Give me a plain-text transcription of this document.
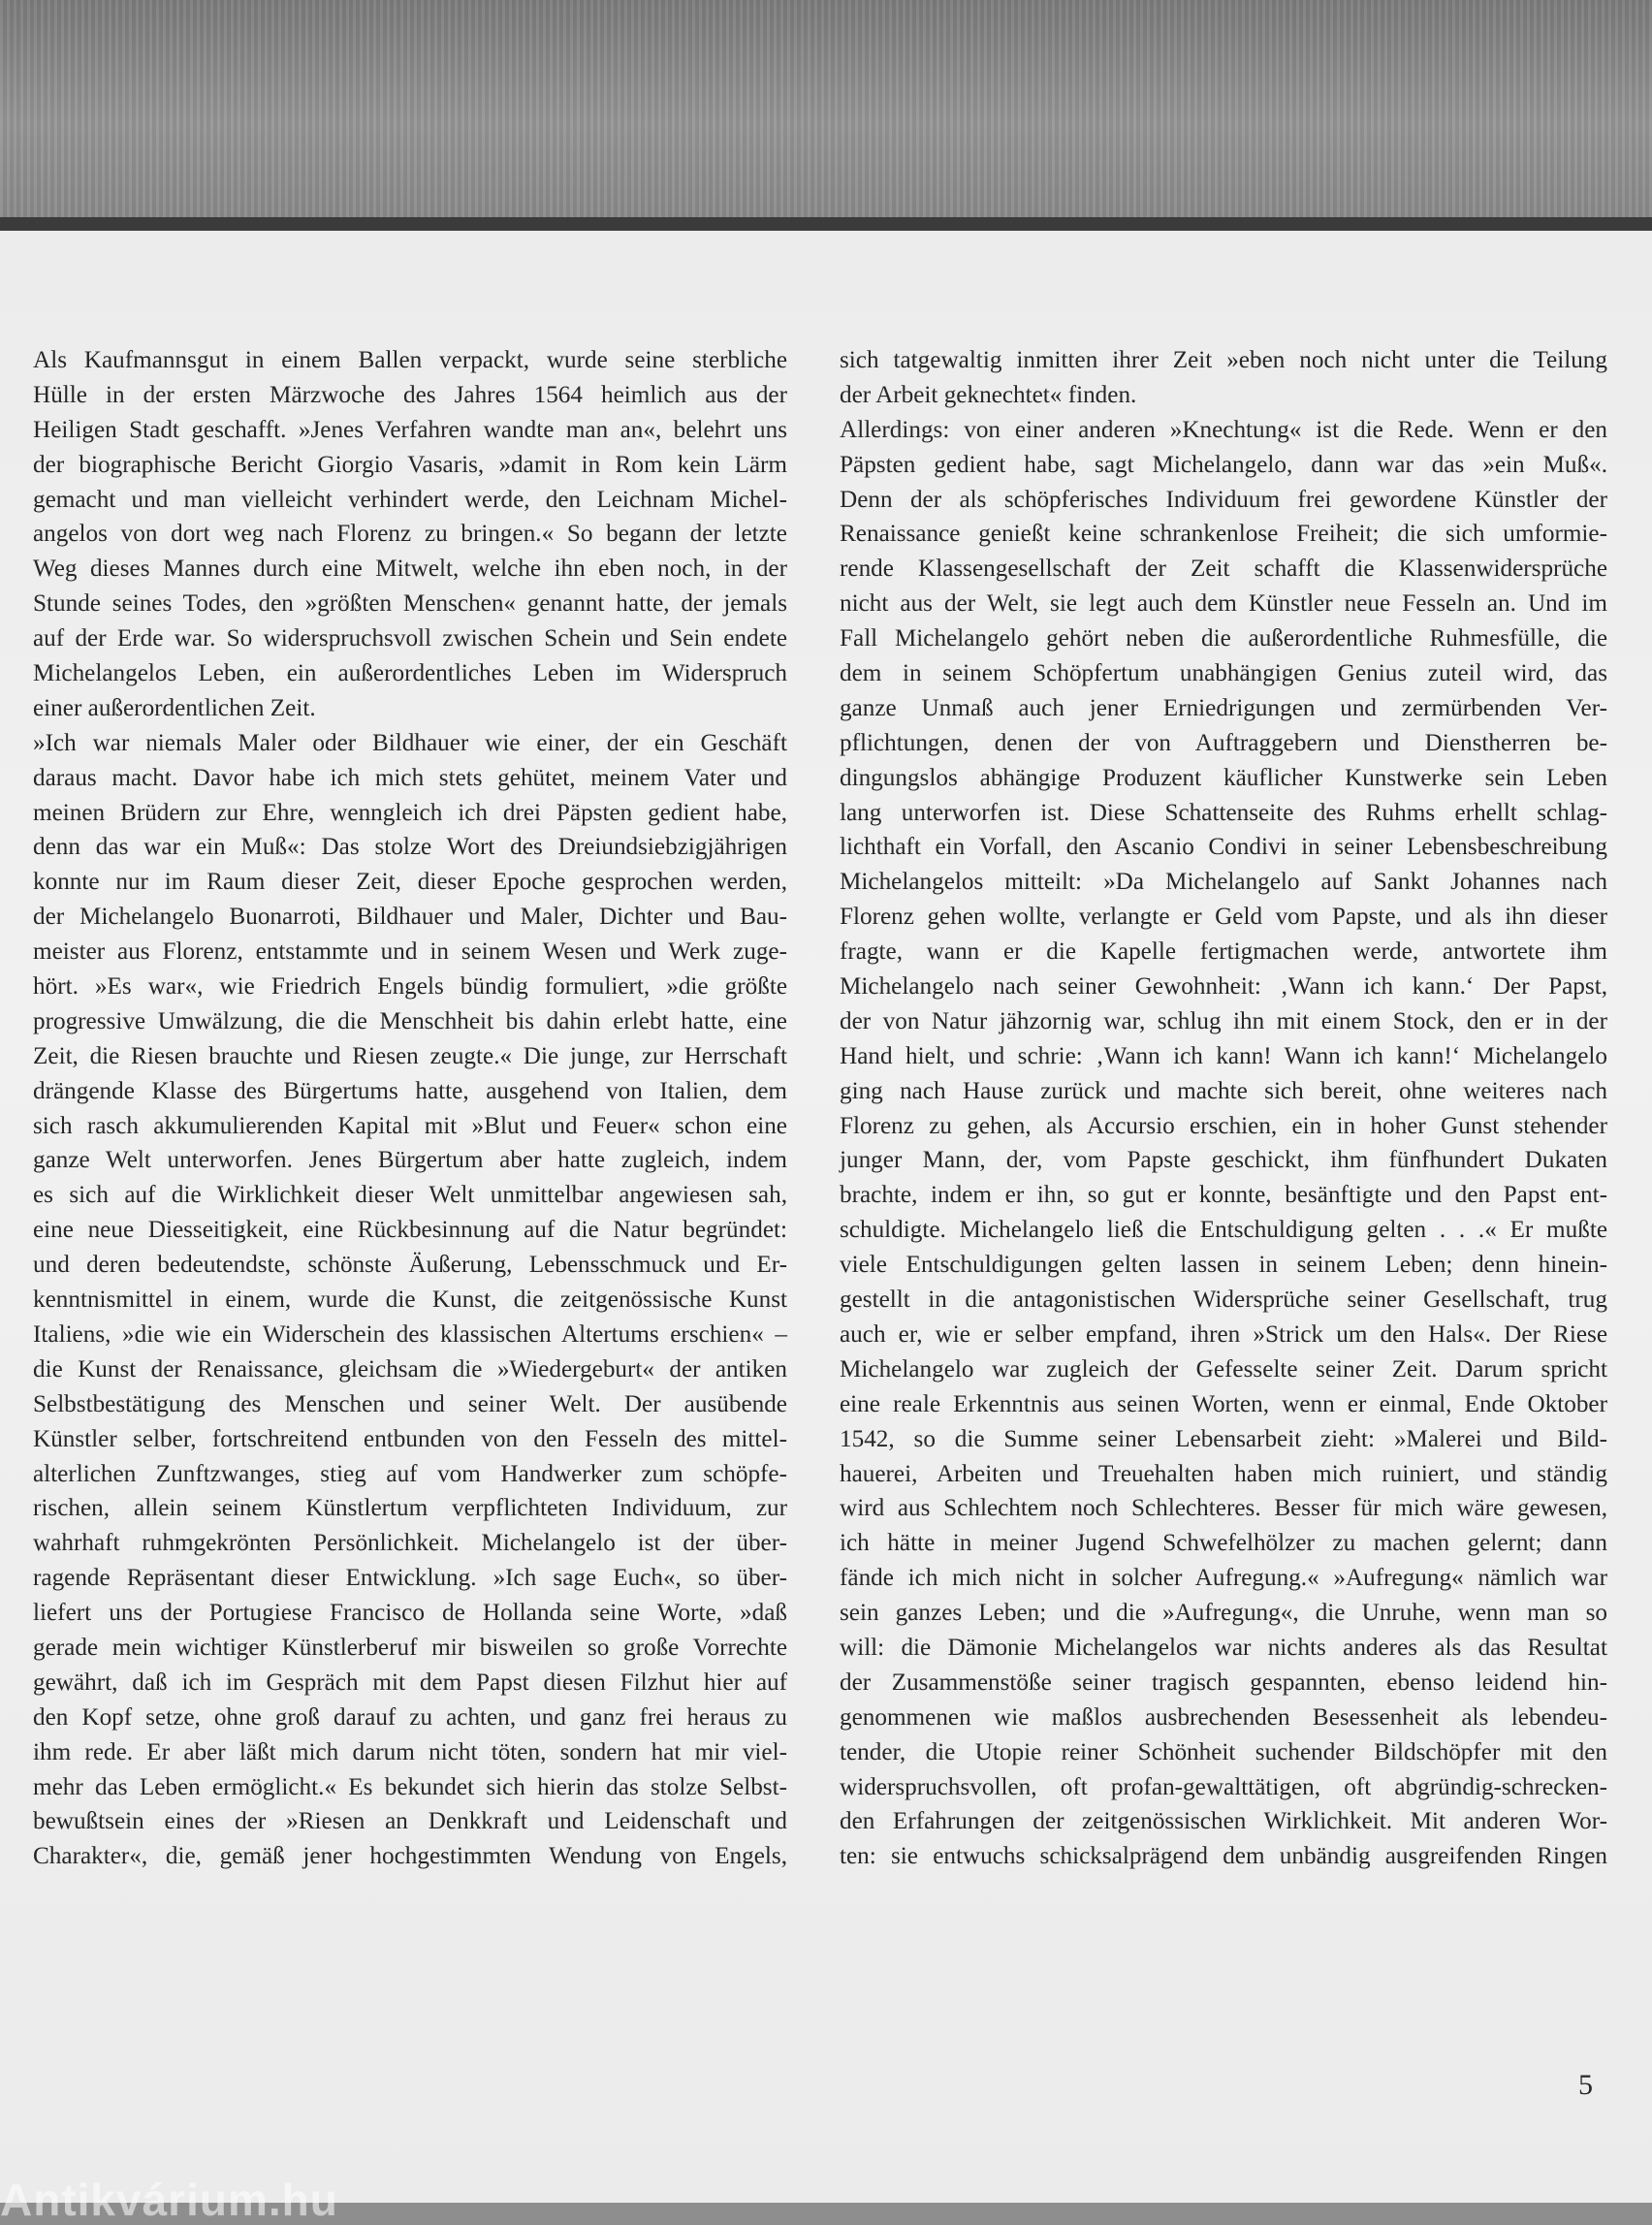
Als Kaufmannsgut in einem Ballen verpackt, wurde seine sterbliche
Hülle in der ersten Märzwoche des Jahres 1564 heimlich aus der
Heiligen Stadt geschafft. »Jenes Verfahren wandte man an«, belehrt uns
der biographische Bericht Giorgio Vasaris, »damit in Rom kein Lärm
gemacht und man vielleicht verhindert werde, den Leichnam Michel-
angelos von dort weg nach Florenz zu bringen.« So begann der letzte
Weg dieses Mannes durch eine Mitwelt, welche ihn eben noch, in der
Stunde seines Todes, den »größten Menschen« genannt hatte, der jemals
auf der Erde war. So widerspruchsvoll zwischen Schein und Sein endete
Michelangelos Leben, ein außerordentliches Leben im Widerspruch
einer außerordentlichen Zeit.
»Ich war niemals Maler oder Bildhauer wie einer, der ein Geschäft
daraus macht. Davor habe ich mich stets gehütet, meinem Vater und
meinen Brüdern zur Ehre, wenngleich ich drei Päpsten gedient habe,
denn das war ein Muß«: Das stolze Wort des Dreiundsiebzigjährigen
konnte nur im Raum dieser Zeit, dieser Epoche gesprochen werden,
der Michelangelo Buonarroti, Bildhauer und Maler, Dichter und Bau-
meister aus Florenz, entstammte und in seinem Wesen und Werk zuge-
hört. »Es war«, wie Friedrich Engels bündig formuliert, »die größte
progressive Umwälzung, die die Menschheit bis dahin erlebt hatte, eine
Zeit, die Riesen brauchte und Riesen zeugte.« Die junge, zur Herrschaft
drängende Klasse des Bürgertums hatte, ausgehend von Italien, dem
sich rasch akkumulierenden Kapital mit »Blut und Feuer« schon eine
ganze Welt unterworfen. Jenes Bürgertum aber hatte zugleich, indem
es sich auf die Wirklichkeit dieser Welt unmittelbar angewiesen sah,
eine neue Diesseitigkeit, eine Rückbesinnung auf die Natur begründet:
und deren bedeutendste, schönste Äußerung, Lebensschmuck und Er-
kenntnismittel in einem, wurde die Kunst, die zeitgenössische Kunst
Italiens, »die wie ein Widerschein des klassischen Altertums erschien« –
die Kunst der Renaissance, gleichsam die »Wiedergeburt« der antiken
Selbstbestätigung des Menschen und seiner Welt. Der ausübende
Künstler selber, fortschreitend entbunden von den Fesseln des mittel-
alterlichen Zunftzwanges, stieg auf vom Handwerker zum schöpfe-
rischen, allein seinem Künstlertum verpflichteten Individuum, zur
wahrhaft ruhmgekrönten Persönlichkeit. Michelangelo ist der über-
ragende Repräsentant dieser Entwicklung. »Ich sage Euch«, so über-
liefert uns der Portugiese Francisco de Hollanda seine Worte, »daß
gerade mein wichtiger Künstlerberuf mir bisweilen so große Vorrechte
gewährt, daß ich im Gespräch mit dem Papst diesen Filzhut hier auf
den Kopf setze, ohne groß darauf zu achten, und ganz frei heraus zu
ihm rede. Er aber läßt mich darum nicht töten, sondern hat mir viel-
mehr das Leben ermöglicht.« Es bekundet sich hierin das stolze Selbst-
bewußtsein eines der »Riesen an Denkkraft und Leidenschaft und
Charakter«, die, gemäß jener hochgestimmten Wendung von Engels,
sich tatgewaltig inmitten ihrer Zeit »eben noch nicht unter die Teilung
der Arbeit geknechtet« finden.
Allerdings: von einer anderen »Knechtung« ist die Rede. Wenn er den
Päpsten gedient habe, sagt Michelangelo, dann war das »ein Muß«.
Denn der als schöpferisches Individuum frei gewordene Künstler der
Renaissance genießt keine schrankenlose Freiheit; die sich umformie-
rende Klassengesellschaft der Zeit schafft die Klassenwidersprüche
nicht aus der Welt, sie legt auch dem Künstler neue Fesseln an. Und im
Fall Michelangelo gehört neben die außerordentliche Ruhmesfülle, die
dem in seinem Schöpfertum unabhängigen Genius zuteil wird, das
ganze Unmaß auch jener Erniedrigungen und zermürbenden Ver-
pflichtungen, denen der von Auftraggebern und Dienstherren be-
dingungslos abhängige Produzent käuflicher Kunstwerke sein Leben
lang unterworfen ist. Diese Schattenseite des Ruhms erhellt schlag-
lichthaft ein Vorfall, den Ascanio Condivi in seiner Lebensbeschreibung
Michelangelos mitteilt: »Da Michelangelo auf Sankt Johannes nach
Florenz gehen wollte, verlangte er Geld vom Papste, und als ihn dieser
fragte, wann er die Kapelle fertigmachen werde, antwortete ihm
Michelangelo nach seiner Gewohnheit: ‚Wann ich kann.‘ Der Papst,
der von Natur jähzornig war, schlug ihn mit einem Stock, den er in der
Hand hielt, und schrie: ‚Wann ich kann! Wann ich kann!‘ Michelangelo
ging nach Hause zurück und machte sich bereit, ohne weiteres nach
Florenz zu gehen, als Accursio erschien, ein in hoher Gunst stehender
junger Mann, der, vom Papste geschickt, ihm fünfhundert Dukaten
brachte, indem er ihn, so gut er konnte, besänftigte und den Papst ent-
schuldigte. Michelangelo ließ die Entschuldigung gelten . . .« Er mußte
viele Entschuldigungen gelten lassen in seinem Leben; denn hinein-
gestellt in die antagonistischen Widersprüche seiner Gesellschaft, trug
auch er, wie er selber empfand, ihren »Strick um den Hals«. Der Riese
Michelangelo war zugleich der Gefesselte seiner Zeit. Darum spricht
eine reale Erkenntnis aus seinen Worten, wenn er einmal, Ende Oktober
1542, so die Summe seiner Lebensarbeit zieht: »Malerei und Bild-
hauerei, Arbeiten und Treuehalten haben mich ruiniert, und ständig
wird aus Schlechtem noch Schlechteres. Besser für mich wäre gewesen,
ich hätte in meiner Jugend Schwefelhölzer zu machen gelernt; dann
fände ich mich nicht in solcher Aufregung.« »Aufregung« nämlich war
sein ganzes Leben; und die »Aufregung«, die Unruhe, wenn man so
will: die Dämonie Michelangelos war nichts anderes als das Resultat
der Zusammenstöße seiner tragisch gespannten, ebenso leidend hin-
genommenen wie maßlos ausbrechenden Besessenheit als lebendeu-
tender, die Utopie reiner Schönheit suchender Bildschöpfer mit den
widerspruchsvollen, oft profan-gewalttätigen, oft abgründig-schrecken-
den Erfahrungen der zeitgenössischen Wirklichkeit. Mit anderen Wor-
ten: sie entwuchs schicksalprägend dem unbändig ausgreifenden Ringen
5
Antikvárium.hu
